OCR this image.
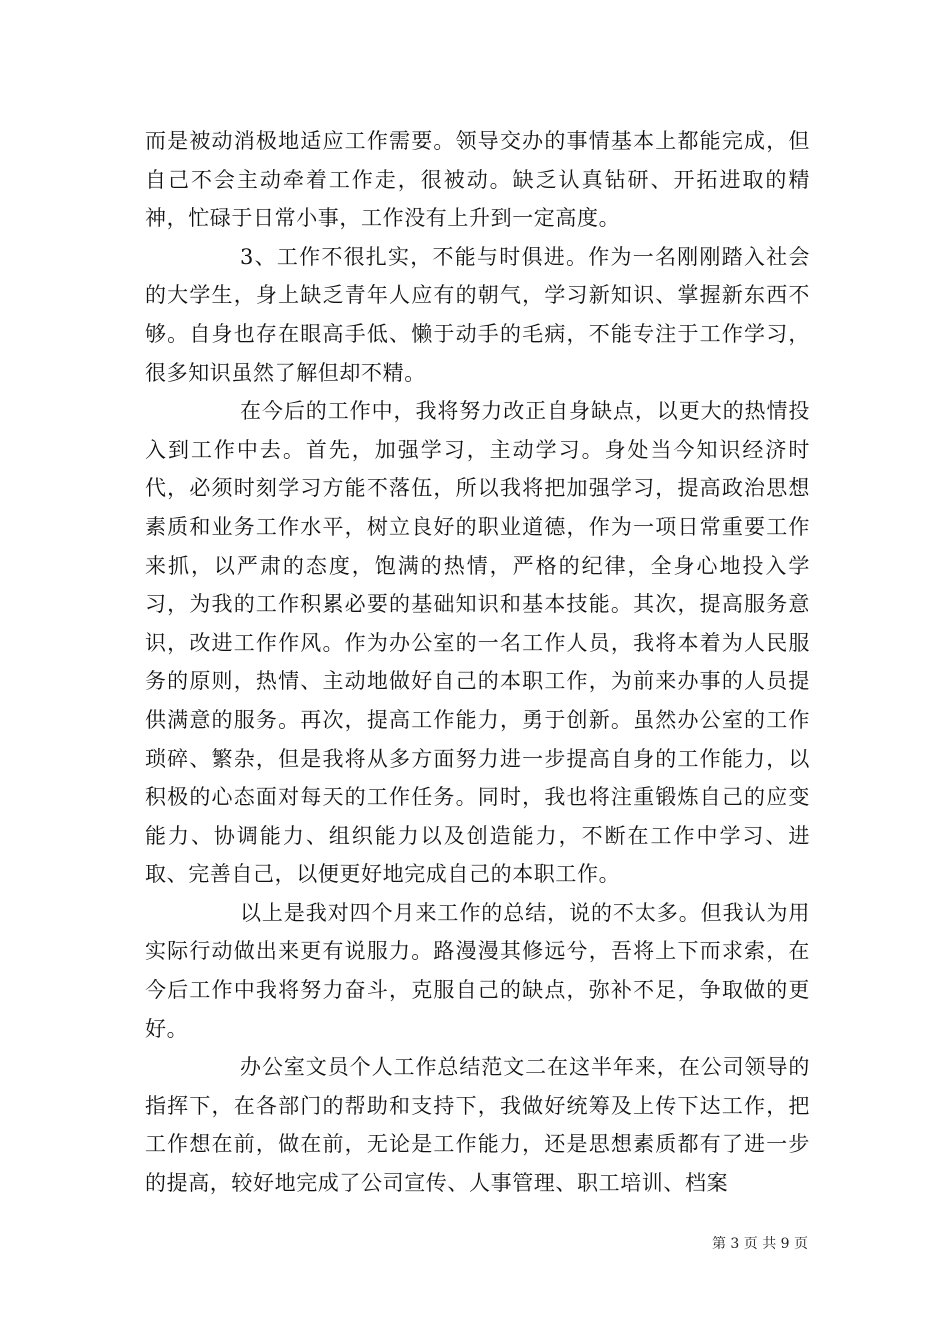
而是被动消极地适应工作需要。领导交办的事情基本上都能完成，但自己不会主动牵着工作走，很被动。缺乏认真钻研、开拓进取的精神，忙碌于日常小事，工作没有上升到一定高度。

3、工作不很扎实，不能与时俱进。作为一名刚刚踏入社会的大学生，身上缺乏青年人应有的朝气，学习新知识、掌握新东西不够。自身也存在眼高手低、懒于动手的毛病，不能专注于工作学习，很多知识虽然了解但却不精。

在今后的工作中，我将努力改正自身缺点，以更大的热情投入到工作中去。首先，加强学习，主动学习。身处当今知识经济时代，必须时刻学习方能不落伍，所以我将把加强学习，提高政治思想素质和业务工作水平，树立良好的职业道德，作为一项日常重要工作来抓，以严肃的态度，饱满的热情，严格的纪律，全身心地投入学习，为我的工作积累必要的基础知识和基本技能。其次，提高服务意识，改进工作作风。作为办公室的一名工作人员，我将本着为人民服务的原则，热情、主动地做好自己的本职工作，为前来办事的人员提供满意的服务。再次，提高工作能力，勇于创新。虽然办公室的工作琐碎、繁杂，但是我将从多方面努力进一步提高自身的工作能力，以积极的心态面对每天的工作任务。同时，我也将注重锻炼自己的应变能力、协调能力、组织能力以及创造能力，不断在工作中学习、进取、完善自己，以便更好地完成自己的本职工作。

以上是我对四个月来工作的总结，说的不太多。但我认为用实际行动做出来更有说服力。路漫漫其修远兮，吾将上下而求索，在今后工作中我将努力奋斗，克服自己的缺点，弥补不足，争取做的更好。

办公室文员个人工作总结范文二在这半年来，在公司领导的指挥下，在各部门的帮助和支持下，我做好统筹及上传下达工作，把工作想在前，做在前，无论是工作能力，还是思想素质都有了进一步的提高，较好地完成了公司宣传、人事管理、职工培训、档案

第 3 页 共 9 页
